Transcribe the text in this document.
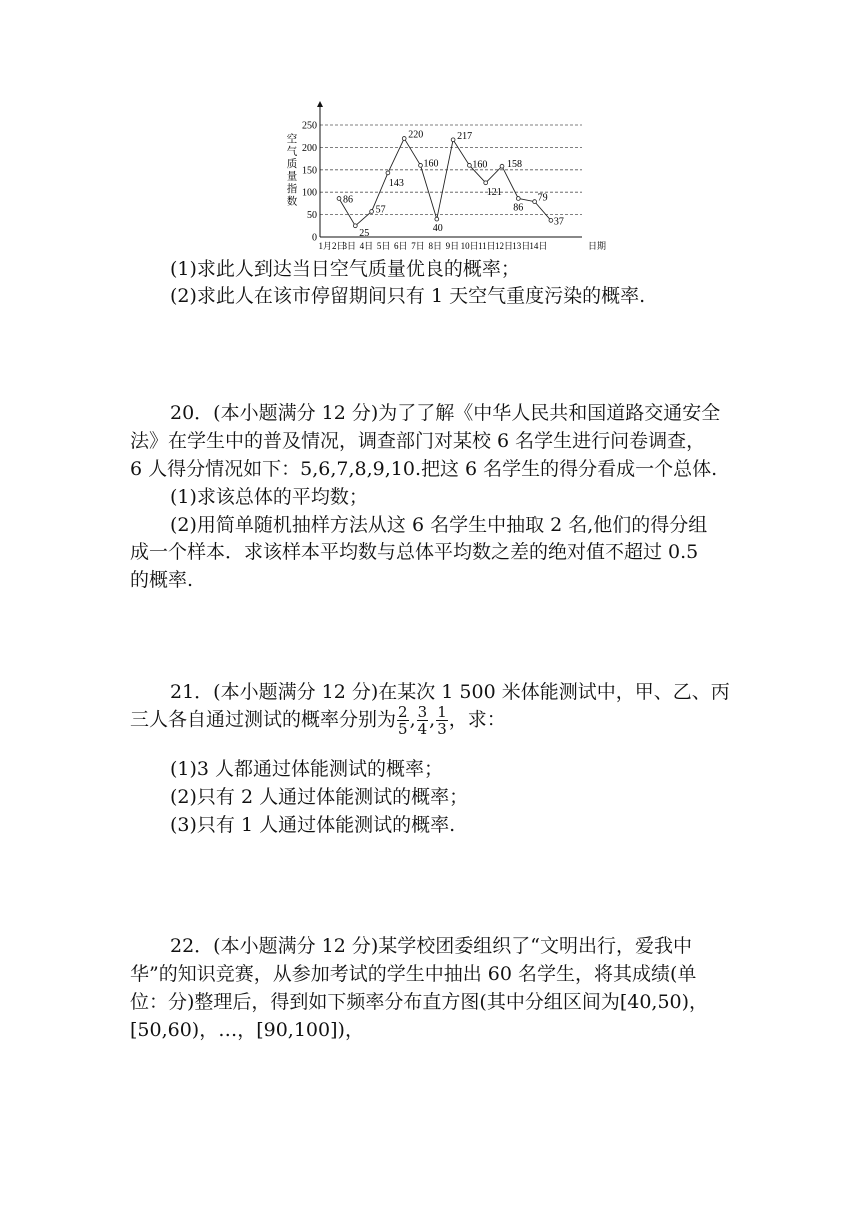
0
50
100
150
200
250
1月2日
3日 4日 5日 6日 7日 8日 9日 10日 11日 12日 13日 14日	日期
空
气
质
量
指
数	86
25
57
143
220
160
40
217
160
121
158
86
79
37
(1)求此人到达当日空气质量优良的概率；
(2)求此人在该市停留期间只有 1 天空气重度污染的概率.
20．(本小题满分 12 分)为了了解《中华人民共和国道路交通安全
法》在学生中的普及情况，调查部门对某校 6 名学生进行问卷调查，
6 人得分情况如下：5,6,7,8,9,10.把这 6 名学生的得分看成一个总体.
(1)求该总体的平均数；
(2)用简单随机抽样方法从这 6 名学生中抽取 2 名,他们的得分组
成一个样本．求该样本平均数与总体平均数之差的绝对值不超过 0.5
的概率.
21．(本小题满分 12 分)在某次 1 500 米体能测试中，甲、乙、丙
三人各自通过测试的概率分别为 $\frac{2}{5}$ , $\frac{3}{4}$ , $\frac{1}{3}$ ，求：
(1)3 人都通过体能测试的概率；
(2)只有 2 人通过体能测试的概率；
(3)只有 1 人通过体能测试的概率.
22．(本小题满分 12 分)某学校团委组织了“文明出行，爱我中
华”的知识竞赛，从参加考试的学生中抽出 60 名学生，将其成绩(单
位：分)整理后，得到如下频率分布直方图(其中分组区间为[40,50)，
[50,60)，…，[90,100])，
